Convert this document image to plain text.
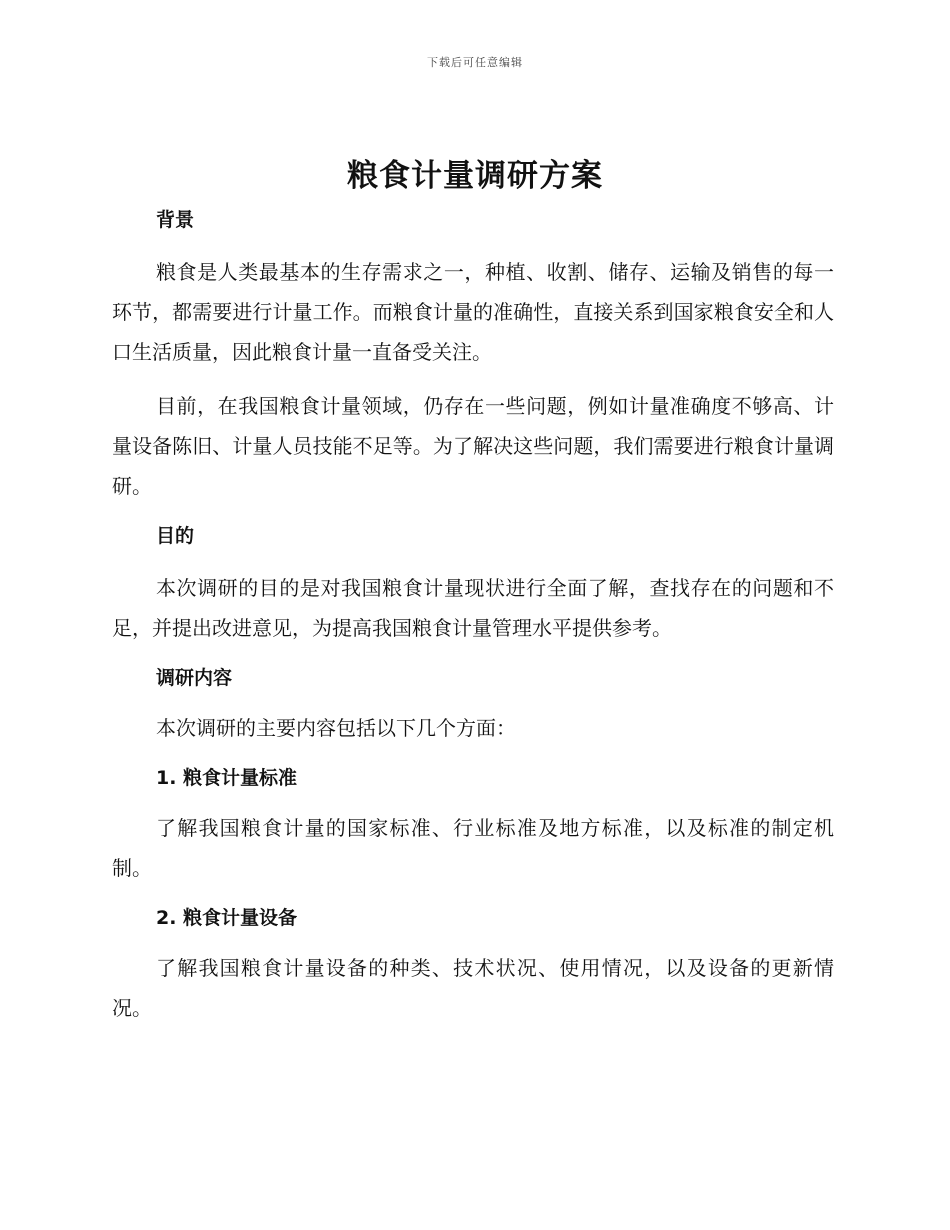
下载后可任意编辑
粮食计量调研方案

背景

粮食是人类最基本的生存需求之一，种植、收割、储存、运输及销售的每一环节，都需要进行计量工作。而粮食计量的准确性，直接关系到国家粮食安全和人口生活质量，因此粮食计量一直备受关注。

目前，在我国粮食计量领域，仍存在一些问题，例如计量准确度不够高、计量设备陈旧、计量人员技能不足等。为了解决这些问题，我们需要进行粮食计量调研。

目的

本次调研的目的是对我国粮食计量现状进行全面了解，查找存在的问题和不足，并提出改进意见，为提高我国粮食计量管理水平提供参考。

调研内容

本次调研的主要内容包括以下几个方面：

1. 粮食计量标准

了解我国粮食计量的国家标准、行业标准及地方标准，以及标准的制定机制。

2. 粮食计量设备

了解我国粮食计量设备的种类、技术状况、使用情况，以及设备的更新情况。
